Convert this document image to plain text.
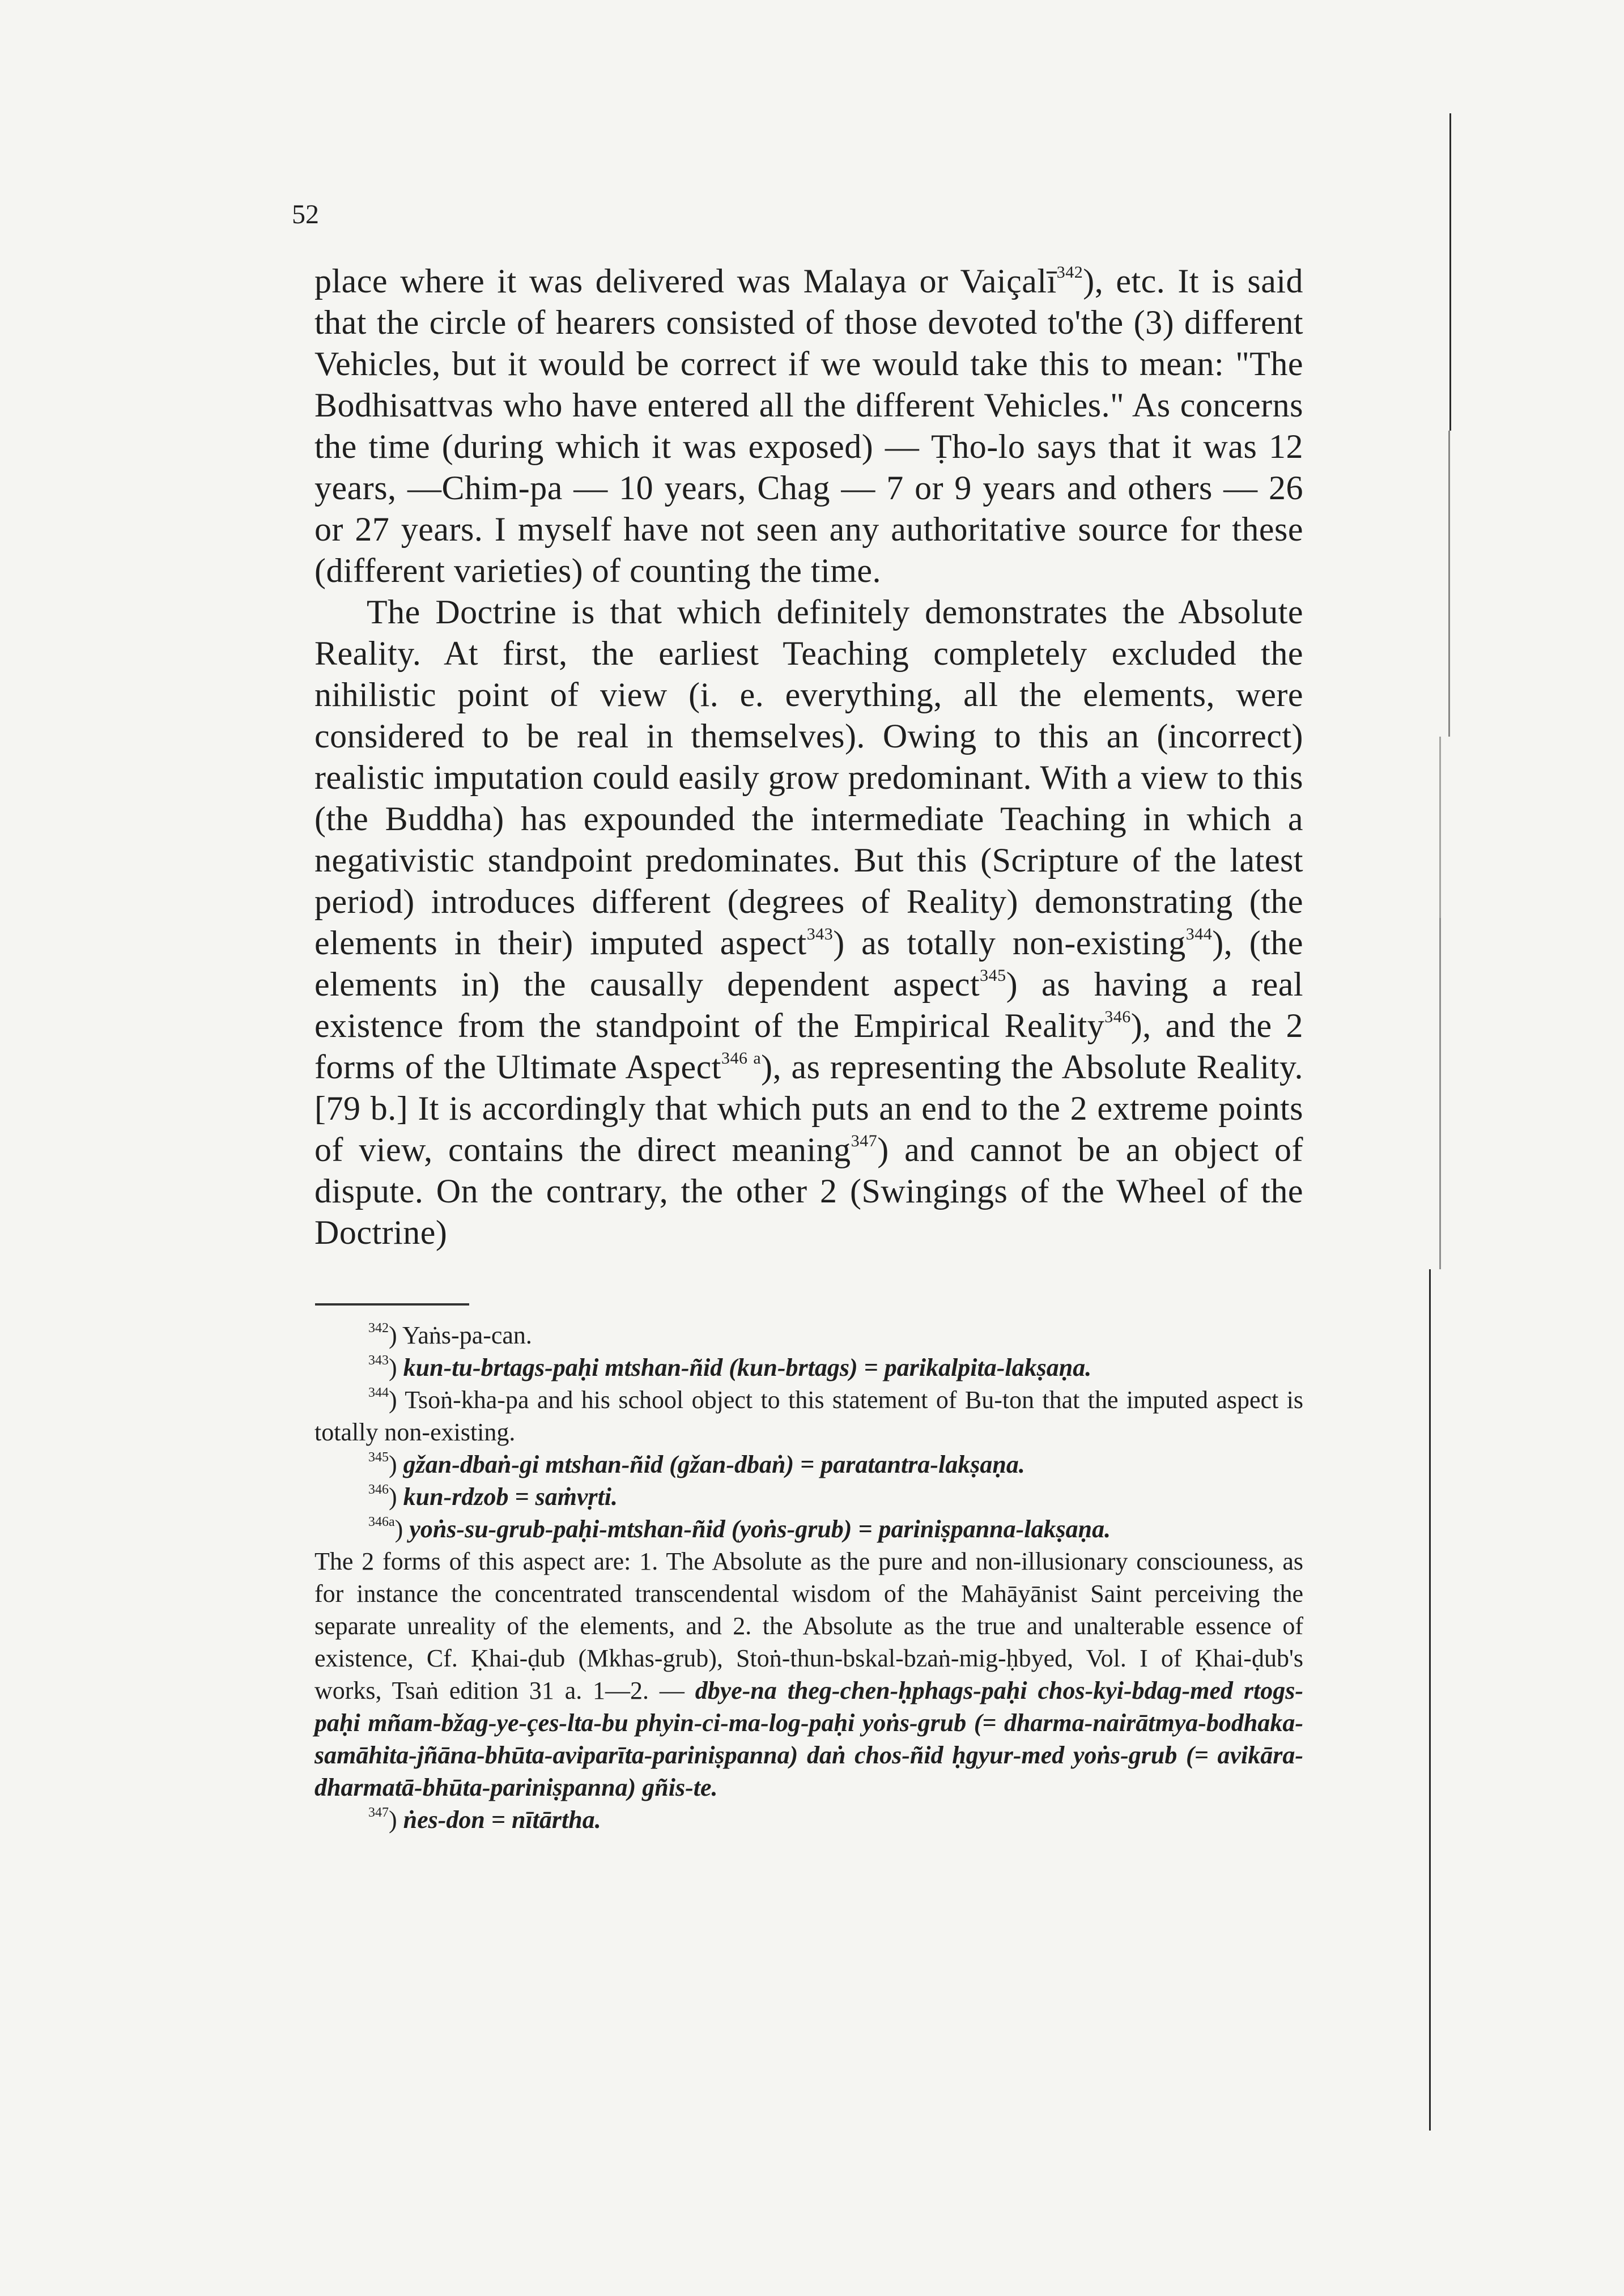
52

place where it was delivered was Malaya or Vaiçalī$^{342}$), etc. It is said that the circle of hearers consisted of those devoted to'the (3) different Vehicles, but it would be correct if we would take this to mean: "The Bodhisattvas who have entered all the different Vehicles." As concerns the time (during which it was exposed) — Ṭho-lo says that it was 12 years, —Chim-pa — 10 years, Chag — 7 or 9 years and others — 26 or 27 years. I myself have not seen any authoritative source for these (different varieties) of counting the time.

The Doctrine is that which definitely demonstrates the Absolute Reality. At first, the earliest Teaching completely excluded the nihilistic point of view (i. e. everything, all the elements, were considered to be real in themselves). Owing to this an (incorrect) realistic imputation could easily grow predominant. With a view to this (the Buddha) has expounded the intermediate Teaching in which a negativistic standpoint predominates. But this (Scripture of the latest period) introduces different (degrees of Reality) demonstrating (the elements in their) imputed aspect$^{343}$) as totally non-existing$^{344}$), (the elements in) the causally dependent aspect$^{345}$) as having a real existence from the standpoint of the Empirical Reality$^{346}$), and the 2 forms of the Ultimate Aspect$^{346 a}$), as representing the Absolute Reality. [79 b.] It is accordingly that which puts an end to the 2 extreme points of view, contains the direct meaning$^{347}$) and cannot be an object of dispute. On the contrary, the other 2 (Swingings of the Wheel of the Doctrine)

$^{342}$) Yaṅs-pa-can.

$^{343}$) kun-tu-brtags-paḥi mtshan-ñid (kun-brtags) = parikalpita-lakṣaṇa.

$^{344}$) Tsoṅ-kha-pa and his school object to this statement of Bu-ton that the imputed aspect is totally non-existing.

$^{345}$) gžan-dbaṅ-gi mtshan-ñid (gžan-dbaṅ) = paratantra-lakṣaṇa.

$^{346}$) kun-rdzob = saṁvṛti.

$^{346a}$) yoṅs-su-grub-paḥi-mtshan-ñid (yoṅs-grub) = pariniṣpanna-lakṣaṇa.

The 2 forms of this aspect are: 1. The Absolute as the pure and non-illusionary consciouness, as for instance the concentrated transcendental wisdom of the Mahāyānist Saint perceiving the separate unreality of the elements, and 2. the Absolute as the true and unalterable essence of existence, Cf. Ḳhai-ḍub (Mkhas-grub), Stoṅ-thun-bskal-bzaṅ-mig-ḥbyed, Vol. I of Ḳhai-ḍub's works, Tsaṅ edition 31 a. 1—2. — dbye-na theg-chen-ḥphags-paḥi chos-kyi-bdag-med rtogs-paḥi mñam-bžag-ye-çes-lta-bu phyin-ci-ma-log-paḥi yoṅs-grub (= dharma-nairātmya-bodhaka-samāhita-jñāna-bhūta-aviparīta-pariniṣpanna) daṅ chos-ñid ḥgyur-med yoṅs-grub (= avikāra-dharmatā-bhūta-pariniṣpanna) gñis-te.

$^{347}$) ṅes-don = nītārtha.
